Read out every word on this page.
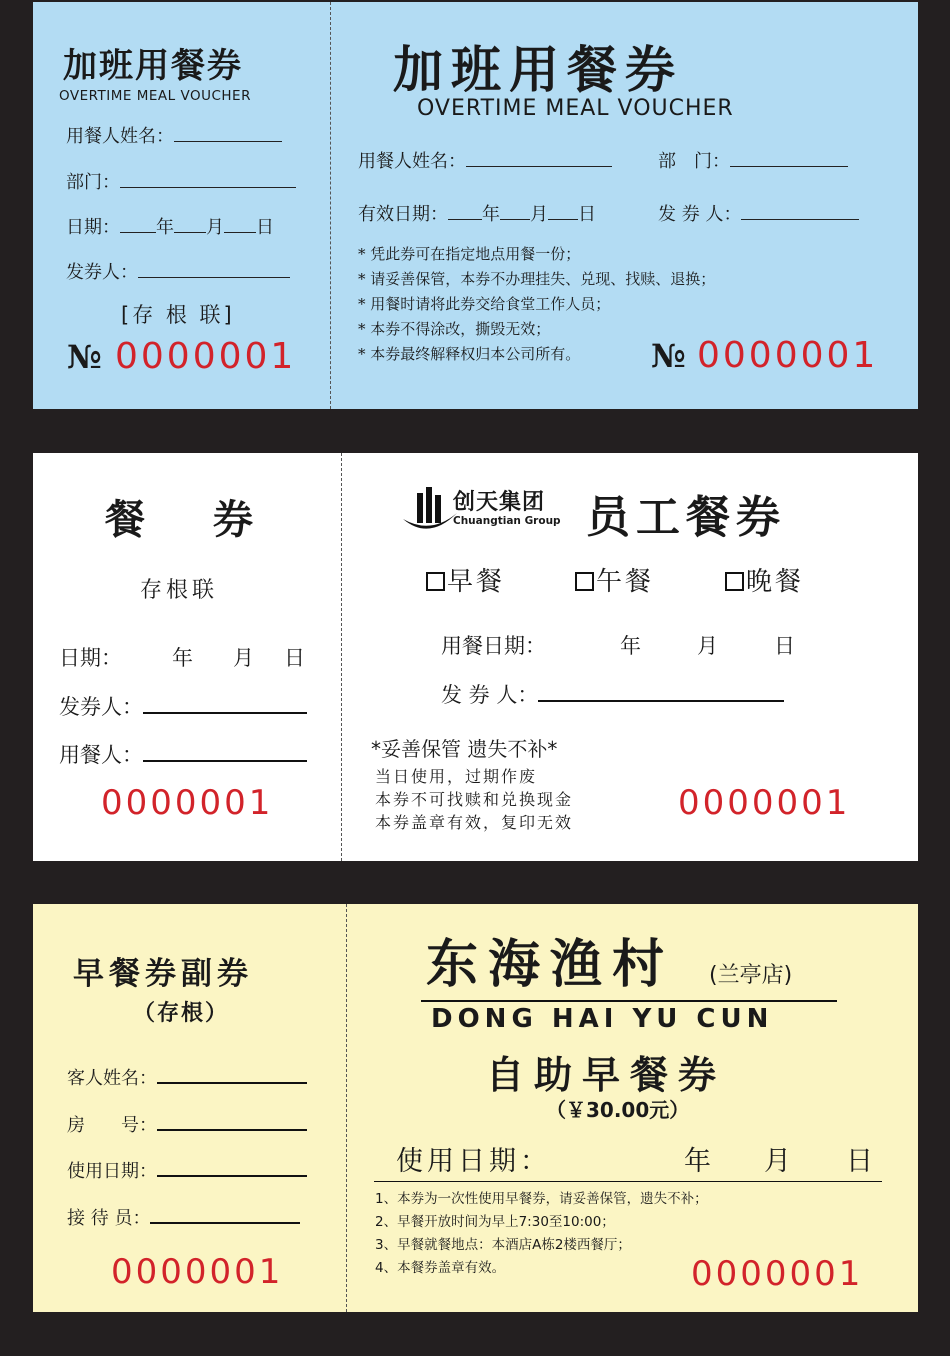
加班用餐券
OVERTIME MEAL VOUCHER
用餐人姓名：
部门：
日期： 年 月 日
发券人：
[存 根 联]
№ 0000001
加班用餐券
OVERTIME MEAL VOUCHER
用餐人姓名：	部　门：
有效日期： 年 月 日	发 券 人：
* 凭此券可在指定地点用餐一份；
* 请妥善保管，本券不办理挂失、兑现、找赎、退换；
* 用餐时请将此券交给食堂工作人员；
* 本券不得涂改，撕毁无效；
* 本券最终解释权归本公司所有。	№ 0000001
餐　券
存根联
日期： 年 月 日
发券人：
用餐人：
0000001
创天集团
Chuangtian Group 员工餐券
早餐	午餐	晚餐
用餐日期：	年	月	日
发 券 人：
*妥善保管 遗失不补*
当日使用，过期作废
本券不可找赎和兑换现金
本券盖章有效，复印无效	0000001
早餐券副券
（存根）
客人姓名：
房　　号：
使用日期：
接 待 员：
0000001
东海渔村 (兰亭店)
DONG HAI YU CUN
自助早餐券
（￥30.00元）
使用日期：	年 月 日
1、本券为一次性使用早餐券，请妥善保管，遗失不补；
2、早餐开放时间为早上7:30至10:00；
3、早餐就餐地点：本酒店A栋2楼西餐厅；
4、本餐券盖章有效。	0000001
